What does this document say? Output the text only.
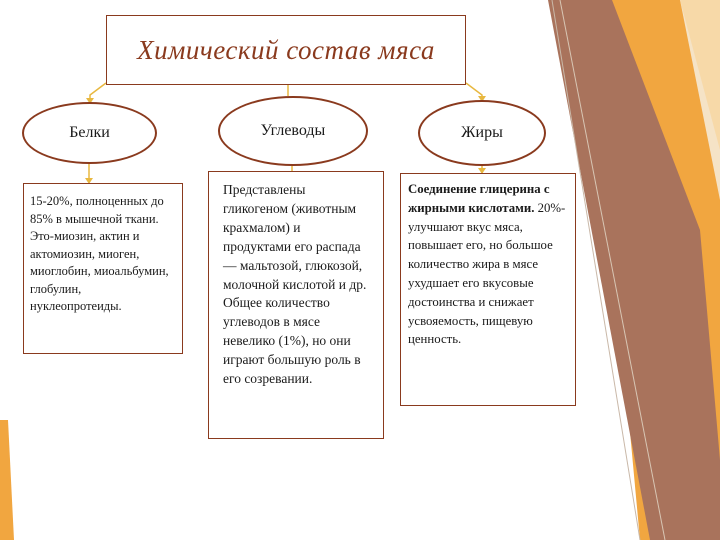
Химический состав мяса
Белки	Углеводы	Жиры
15-20%, полноценных до 85% в мышечной ткани. Это-миозин, актин и актомиозин, миоген, миоглобин, миоальбумин, глобулин, нуклеопротеиды.
Представлены гликогеном (животным крахмалом) и продуктами его распада — мальтозой, глюкозой, молочной кислотой и др. Общее количество углеводов в мясе невелико (1%), но они играют большую роль в его созревании.
Соединение глицерина с жирными кислотами. 20%-улучшают вкус мяса, повышает его, но большое количество жира в мясе ухудшает его вкусовые достоинства и снижает усвояемость, пищевую ценность.
